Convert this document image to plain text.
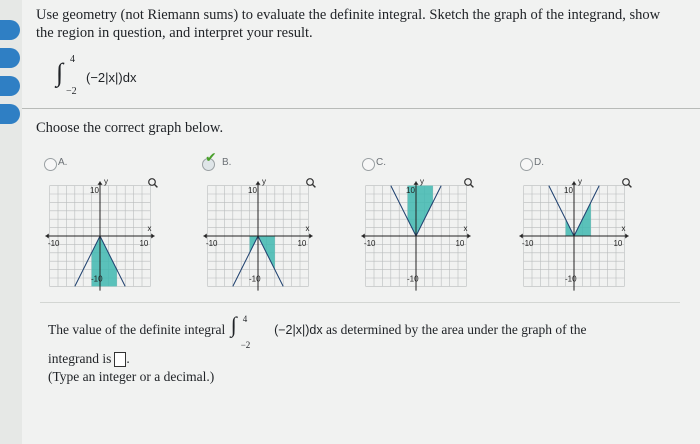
Use geometry (not Riemann sums) to evaluate the definite integral. Sketch the graph of the integrand, show the region in question, and interpret your result.
∫ 4
−2
(−2|x|)dx
Choose the correct graph below.
A.	✔ B.	C.	D.
y
x
10
10
-10
-10
y
x
10
10
-10
-10
y
x
10
10
-10
-10
y
x
10
10
-10
-10
The value of the definite integral ∫ 4
−2
(−2|x|)dx as determined by the area under the graph of the
integrand is .
(Type an integer or a decimal.)
